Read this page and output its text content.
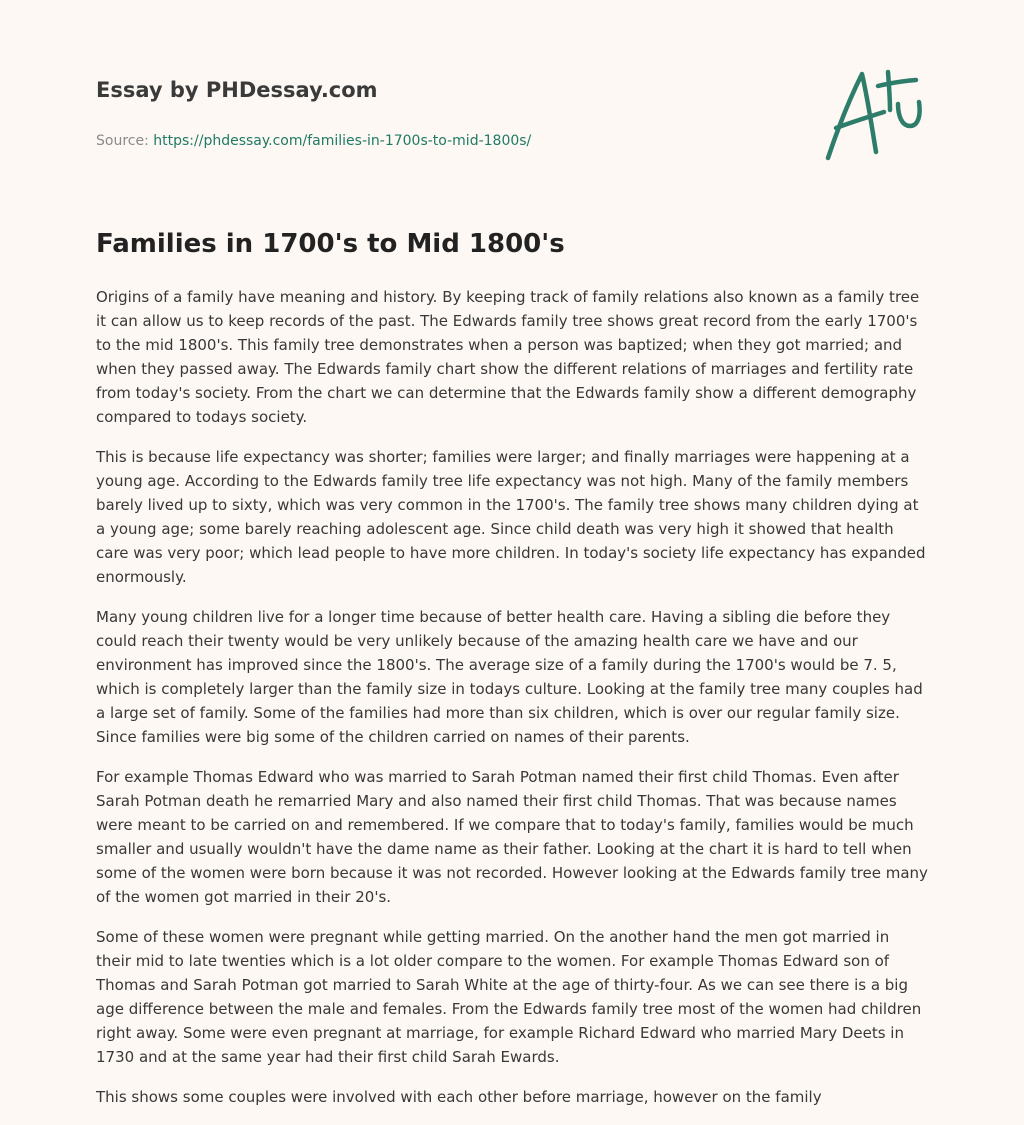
Essay by PHDessay.com
Source: https://phdessay.com/families-in-1700s-to-mid-1800s/
Families in 1700's to Mid 1800's

Origins of a family have meaning and history. By keeping track of family relations also known as a family tree it can allow us to keep records of the past. The Edwards family tree shows great record from the early 1700's to the mid 1800's. This family tree demonstrates when a person was baptized; when they got married; and when they passed away. The Edwards family chart show the different relations of marriages and fertility rate from today's society. From the chart we can determine that the Edwards family show a different demography compared to todays society.

This is because life expectancy was shorter; families were larger; and finally marriages were happening at a young age. According to the Edwards family tree life expectancy was not high. Many of the family members barely lived up to sixty, which was very common in the 1700's. The family tree shows many children dying at a young age; some barely reaching adolescent age. Since child death was very high it showed that health care was very poor; which lead people to have more children. In today's society life expectancy has expanded enormously.

Many young children live for a longer time because of better health care. Having a sibling die before they could reach their twenty would be very unlikely because of the amazing health care we have and our environment has improved since the 1800's. The average size of a family during the 1700's would be 7. 5, which is completely larger than the family size in todays culture. Looking at the family tree many couples had a large set of family. Some of the families had more than six children, which is over our regular family size. Since families were big some of the children carried on names of their parents.

For example Thomas Edward who was married to Sarah Potman named their first child Thomas. Even after Sarah Potman death he remarried Mary and also named their first child Thomas. That was because names were meant to be carried on and remembered. If we compare that to today's family, families would be much smaller and usually wouldn't have the dame name as their father. Looking at the chart it is hard to tell when some of the women were born because it was not recorded. However looking at the Edwards family tree many of the women got married in their 20's.

Some of these women were pregnant while getting married. On the another hand the men got married in their mid to late twenties which is a lot older compare to the women. For example Thomas Edward son of Thomas and Sarah Potman got married to Sarah White at the age of thirty-four. As we can see there is a big age difference between the male and females. From the Edwards family tree most of the women had children right away. Some were even pregnant at marriage, for example Richard Edward who married Mary Deets in 1730 and at the same year had their first child Sarah Ewards.

This shows some couples were involved with each other before marriage, however on the family
